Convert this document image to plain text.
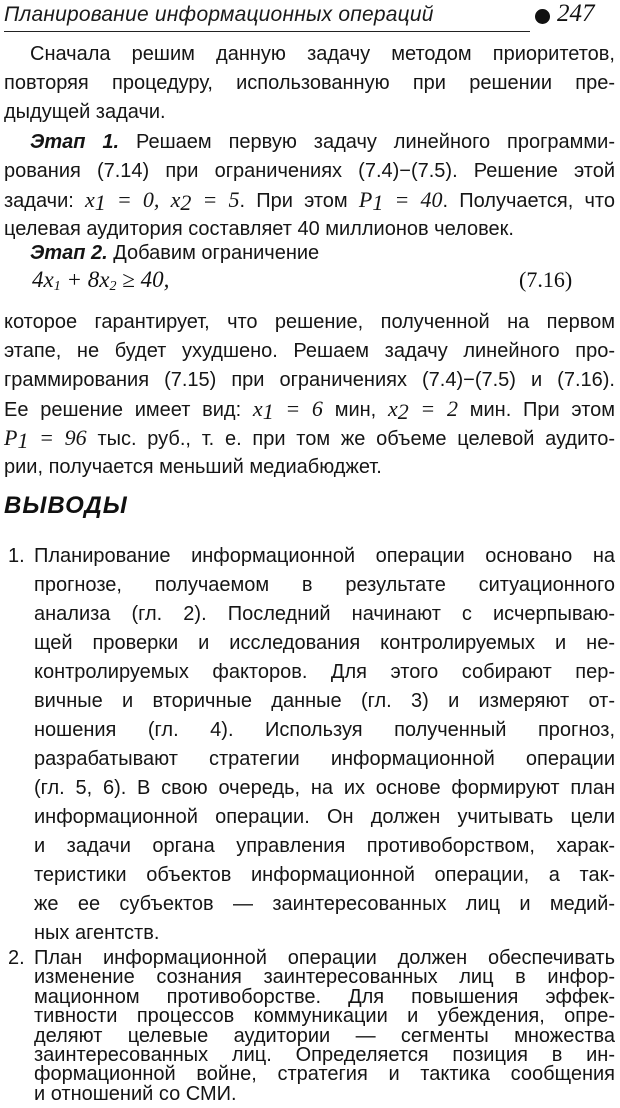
Планирование информационных операций	247
Сначала решим данную задачу методом приоритетов,
повторяя процедуру, использованную при решении пре-
дыдущей задачи.
Этап 1. Решаем первую задачу линейного программи-
рования (7.14) при ограничениях (7.4)−(7.5). Решение этой
задачи: $x_1 = 0$, $x_2 = 5$. При этом $P_1 = 40$. Получается, что
целевая аудитория составляет 40 миллионов человек.
Этап 2. Добавим ограничение
$4x_1 + 8x_2 \ge 40$,	(7.16)
которое гарантирует, что решение, полученной на первом
этапе, не будет ухудшено. Решаем задачу линейного про-
граммирования (7.15) при ограничениях (7.4)−(7.5) и (7.16).
Ее решение имеет вид: $x_1 = 6$ мин, $x_2 = 2$ мин. При этом
$P_1 = 96$ тыс. руб., т. е. при том же объеме целевой аудито-
рии, получается меньший медиабюджет.
ВЫВОДЫ
1. Планирование информационной операции основано на
прогнозе, получаемом в результате ситуационного
анализа (гл. 2). Последний начинают с исчерпываю-
щей проверки и исследования контролируемых и не-
контролируемых факторов. Для этого собирают пер-
вичные и вторичные данные (гл. 3) и измеряют от-
ношения (гл. 4). Используя полученный прогноз,
разрабатывают стратегии информационной операции
(гл. 5, 6). В свою очередь, на их основе формируют план
информационной операции. Он должен учитывать цели
и задачи органа управления противоборством, харак-
теристики объектов информационной операции, а так-
же ее субъектов — заинтересованных лиц и медий-
ных агентств.
2. План информационной операции должен обеспечивать
изменение сознания заинтересованных лиц в инфор-
мационном противоборстве. Для повышения эффек-
тивности процессов коммуникации и убеждения, опре-
деляют целевые аудитории — сегменты множества
заинтересованных лиц. Определяется позиция в ин-
формационной войне, стратегия и тактика сообщения
и отношений со СМИ.
